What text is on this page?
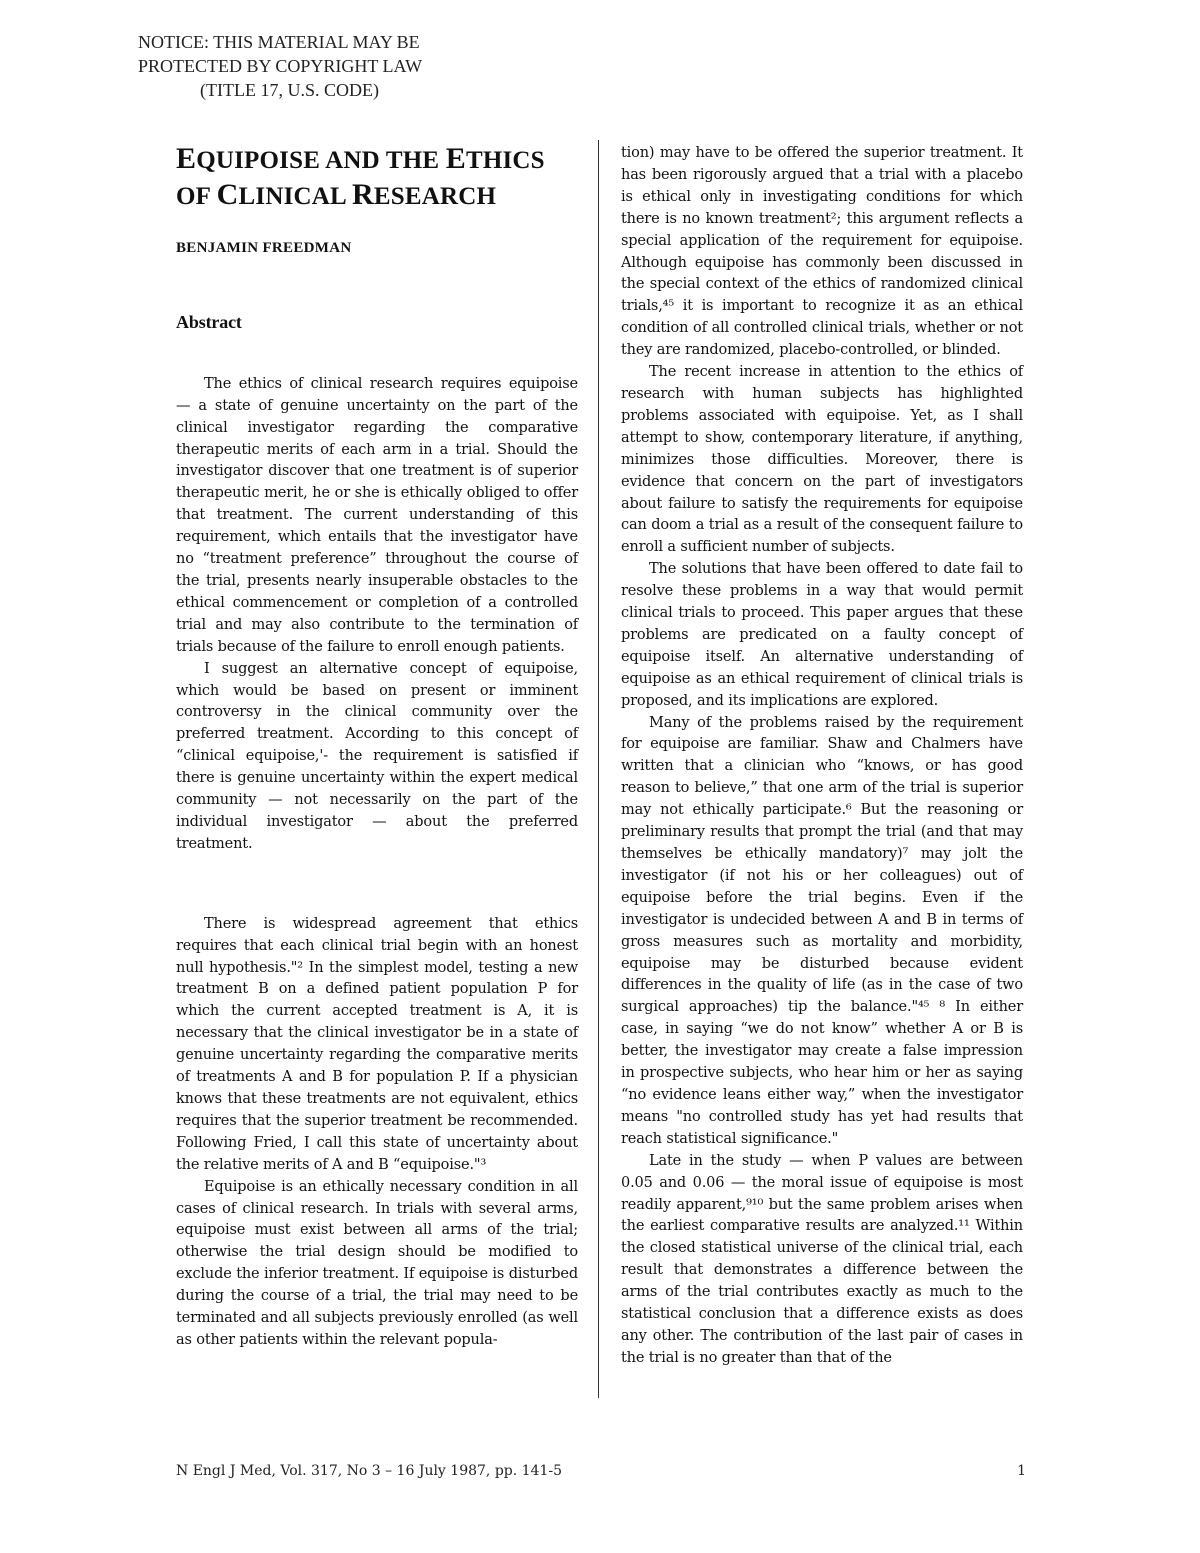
NOTICE: THIS MATERIAL MAY BE
PROTECTED BY COPYRIGHT LAW
(TITLE 17, U.S. CODE)
EQUIPOISE AND THE ETHICS
OF CLINICAL RESEARCH
BENJAMIN FREEDMAN
Abstract

The ethics of clinical research requires equipoise — a state of genuine uncertainty on the part of the clinical investigator regarding the comparative therapeutic merits of each arm in a trial. Should the investigator discover that one treatment is of superior therapeutic merit, he or she is ethically obliged to offer that treatment. The current understanding of this requirement, which entails that the investigator have no “treatment preference” throughout the course of the trial, presents nearly insuperable obstacles to the ethical commencement or completion of a controlled trial and may also contribute to the termination of trials because of the failure to enroll enough patients.

I suggest an alternative concept of equipoise, which would be based on present or imminent controversy in the clinical community over the preferred treatment. According to this concept of “clinical equipoise,'- the requirement is satisfied if there is genuine uncertainty within the expert medical community — not necessarily on the part of the individual investigator — about the preferred treatment.

There is widespread agreement that ethics requires that each clinical trial begin with an honest null hypothesis."² In the simplest model, testing a new treatment B on a defined patient population P for which the current accepted treatment is A, it is necessary that the clinical investigator be in a state of genuine uncertainty regarding the comparative merits of treatments A and B for population P. If a physician knows that these treatments are not equivalent, ethics requires that the superior treatment be recommended. Following Fried, I call this state of uncertainty about the relative merits of A and B “equipoise."³

Equipoise is an ethically necessary condition in all cases of clinical research. In trials with several arms, equipoise must exist between all arms of the trial; otherwise the trial design should be modified to exclude the inferior treatment. If equipoise is disturbed during the course of a trial, the trial may need to be terminated and all subjects previously enrolled (as well as other patients within the relevant popula-

tion) may have to be offered the superior treatment. It has been rigorously argued that a trial with a placebo is ethical only in investigating conditions for which there is no known treatment²; this argument reflects a special application of the requirement for equipoise. Although equipoise has commonly been discussed in the special context of the ethics of randomized clinical trials,⁴⁵ it is important to recognize it as an ethical condition of all controlled clinical trials, whether or not they are randomized, placebo-controlled, or blinded.

The recent increase in attention to the ethics of research with human subjects has highlighted problems associated with equipoise. Yet, as I shall attempt to show, contemporary literature, if anything, minimizes those difficulties. Moreover, there is evidence that concern on the part of investigators about failure to satisfy the requirements for equipoise can doom a trial as a result of the consequent failure to enroll a sufficient number of subjects.

The solutions that have been offered to date fail to resolve these problems in a way that would permit clinical trials to proceed. This paper argues that these problems are predicated on a faulty concept of equipoise itself. An alternative understanding of equipoise as an ethical requirement of clinical trials is proposed, and its implications are explored.

Many of the problems raised by the requirement for equipoise are familiar. Shaw and Chalmers have written that a clinician who “knows, or has good reason to believe,” that one arm of the trial is superior may not ethically participate.⁶ But the reasoning or preliminary results that prompt the trial (and that may themselves be ethically mandatory)⁷ may jolt the investigator (if not his or her colleagues) out of equipoise before the trial begins. Even if the investigator is undecided between A and B in terms of gross measures such as mortality and morbidity, equipoise may be disturbed because evident differences in the quality of life (as in the case of two surgical approaches) tip the balance."⁴⁵ ⁸ In either case, in saying “we do not know” whether A or B is better, the investigator may create a false impression in prospective subjects, who hear him or her as saying “no evidence leans either way,” when the investigator means "no controlled study has yet had results that reach statistical significance."

Late in the study — when P values are between 0.05 and 0.06 — the moral issue of equipoise is most readily apparent,⁹¹⁰ but the same problem arises when the earliest comparative results are analyzed.¹¹ Within the closed statistical universe of the clinical trial, each result that demonstrates a difference between the arms of the trial contributes exactly as much to the statistical conclusion that a difference exists as does any other. The contribution of the last pair of cases in the trial is no greater than that of the

N Engl J Med, Vol. 317, No 3 – 16 July 1987, pp. 141-5	1
